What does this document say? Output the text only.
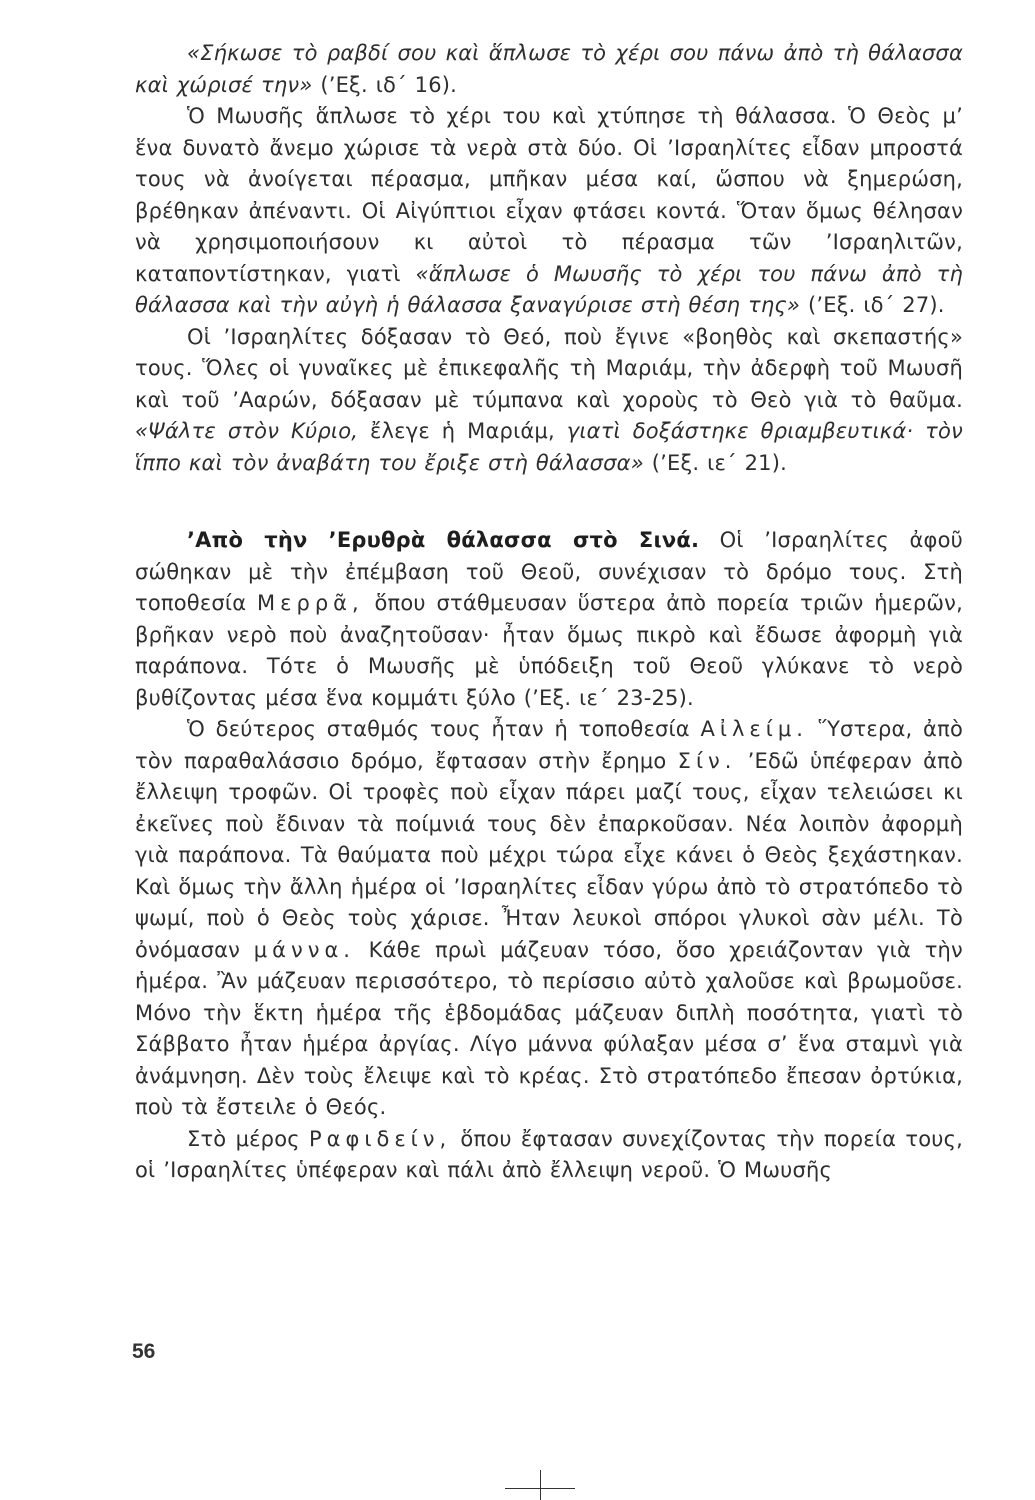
«Σήκωσε τὸ ραβδί σου καὶ ἅπλωσε τὸ χέρι σου πάνω ἀπὸ τὴ θάλασσα καὶ χώρισέ την» (’Εξ. ιδ΄ 16).

Ὁ Μωυσῆς ἅπλωσε τὸ χέρι του καὶ χτύπησε τὴ θάλασσα. Ὁ Θεὸς μ’ ἕνα δυνατὸ ἄνεμο χώρισε τὰ νερὰ στὰ δύο. Οἱ ’Ισραηλίτες εἶδαν μπροστά τους νὰ ἀνοίγεται πέρασμα, μπῆκαν μέσα καί, ὥσπου νὰ ξημερώση, βρέθηκαν ἀπέναντι. Οἱ Αἰγύπτιοι εἶχαν φτάσει κοντά. Ὅταν ὅμως θέλησαν νὰ χρησιμοποιήσουν κι αὐτοὶ τὸ πέρασμα τῶν ’Ισραηλιτῶν, καταποντίστηκαν, γιατὶ «ἅπλωσε ὁ Μωυσῆς τὸ χέρι του πάνω ἀπὸ τὴ θάλασσα καὶ τὴν αὐγὴ ἡ θάλασσα ξαναγύρισε στὴ θέση της» (’Εξ. ιδ΄ 27).

Οἱ ’Ισραηλίτες δόξασαν τὸ Θεό, ποὺ ἔγινε «βοηθὸς καὶ σκεπαστής» τους. Ὅλες οἱ γυναῖκες μὲ ἐπικεφαλῆς τὴ Μαριάμ, τὴν ἀδερφὴ τοῦ Μωυσῆ καὶ τοῦ ’Ααρών, δόξασαν μὲ τύμπανα καὶ χοροὺς τὸ Θεὸ γιὰ τὸ θαῦμα. «Ψάλτε στὸν Κύριο, ἔλεγε ἡ Μαριάμ, γιατὶ δοξάστηκε θριαμβευτικά· τὸν ἵππο καὶ τὸν ἀναβάτη του ἔριξε στὴ θάλασσα» (’Εξ. ιε΄ 21).

’Απὸ τὴν ’Ερυθρὰ θάλασσα στὸ Σινά. Οἱ ’Ισραηλίτες ἀφοῦ σώθηκαν μὲ τὴν ἐπέμβαση τοῦ Θεοῦ, συνέχισαν τὸ δρόμο τους. Στὴ τοποθεσία Μερρᾶ, ὅπου στάθμευσαν ὕστερα ἀπὸ πορεία τριῶν ἡμερῶν, βρῆκαν νερὸ ποὺ ἀναζητοῦσαν· ἦταν ὅμως πικρὸ καὶ ἔδωσε ἀφορμὴ γιὰ παράπονα. Τότε ὁ Μωυσῆς μὲ ὑπόδειξη τοῦ Θεοῦ γλύκανε τὸ νερὸ βυθίζοντας μέσα ἕνα κομμάτι ξύλο (’Εξ. ιε΄ 23-25).

Ὁ δεύτερος σταθμός τους ἦταν ἡ τοποθεσία Αἰλείμ. Ὕστερα, ἀπὸ τὸν παραθαλάσσιο δρόμο, ἔφτασαν στὴν ἔρημο Σίν. ’Εδῶ ὑπέφεραν ἀπὸ ἔλλειψη τροφῶν. Οἱ τροφὲς ποὺ εἶχαν πάρει μαζί τους, εἶχαν τελειώσει κι ἐκεῖνες ποὺ ἔδιναν τὰ ποίμνιά τους δὲν ἐπαρκοῦσαν. Νέα λοιπὸν ἀφορμὴ γιὰ παράπονα. Τὰ θαύματα ποὺ μέχρι τώρα εἶχε κάνει ὁ Θεὸς ξεχάστηκαν. Καὶ ὅμως τὴν ἄλλη ἡμέρα οἱ ’Ισραηλίτες εἶδαν γύρω ἀπὸ τὸ στρατόπεδο τὸ ψωμί, ποὺ ὁ Θεὸς τοὺς χάρισε. Ἦταν λευκοὶ σπόροι γλυκοὶ σὰν μέλι. Τὸ ὀνόμασαν μάννα. Κάθε πρωὶ μάζευαν τόσο, ὅσο χρειάζονταν γιὰ τὴν ἡμέρα. Ἂν μάζευαν περισσότερο, τὸ περίσσιο αὐτὸ χαλοῦσε καὶ βρωμοῦσε. Μόνο τὴν ἕκτη ἡμέρα τῆς ἑβδομάδας μάζευαν διπλὴ ποσότητα, γιατὶ τὸ Σάββατο ἦταν ἡμέρα ἀργίας. Λίγο μάννα φύλαξαν μέσα σ’ ἕνα σταμνὶ γιὰ ἀνάμνηση. Δὲν τοὺς ἔλειψε καὶ τὸ κρέας. Στὸ στρατόπεδο ἔπεσαν ὀρτύκια, ποὺ τὰ ἔστειλε ὁ Θεός.

Στὸ μέρος Ραφιδείν, ὅπου ἔφτασαν συνεχίζοντας τὴν πορεία τους, οἱ ’Ισραηλίτες ὑπέφεραν καὶ πάλι ἀπὸ ἔλλειψη νεροῦ. Ὁ Μωυσῆς

56
